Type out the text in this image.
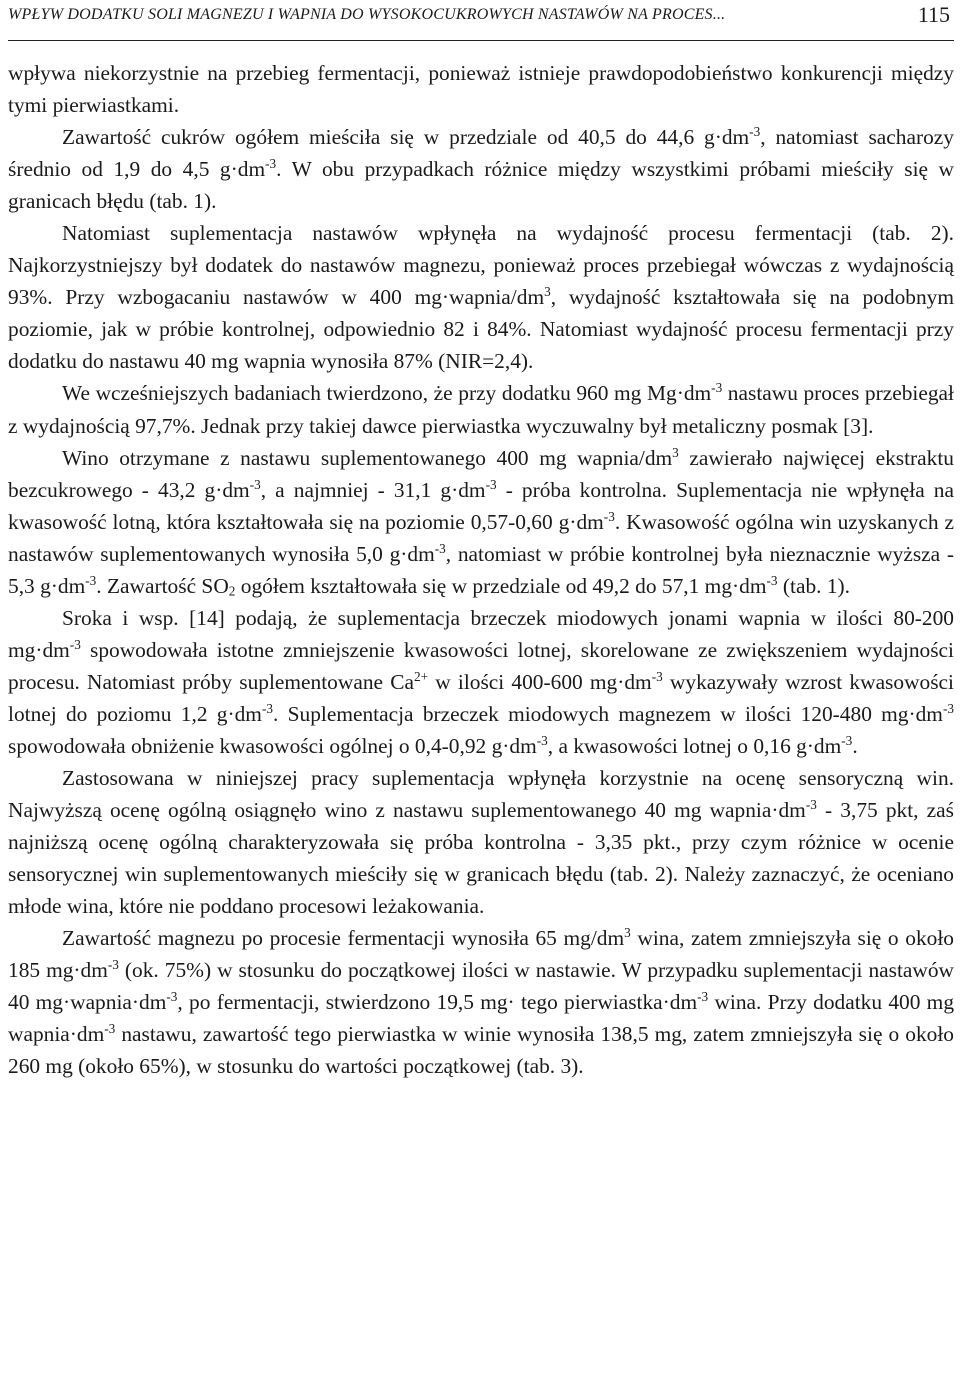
WPŁYW DODATKU SOLI MAGNEZU I WAPNIA DO WYSOKOCUKROWYCH NASTAWÓW NA PROCES...	115

wpływa niekorzystnie na przebieg fermentacji, ponieważ istnieje prawdopodobieństwo konkurencji między tymi pierwiastkami.

Zawartość cukrów ogółem mieściła się w przedziale od 40,5 do 44,6 $g\cdot dm^{-3}$, natomiast sacharozy średnio od 1,9 do 4,5 $g\cdot dm^{-3}$. W obu przypadkach różnice między wszystkimi próbami mieściły się w granicach błędu (tab. 1).

Natomiast suplementacja nastawów wpłynęła na wydajność procesu fermentacji (tab. 2). Najkorzystniejszy był dodatek do nastawów magnezu, ponieważ proces przebiegał wówczas z wydajnością 93%. Przy wzbogacaniu nastawów w 400 $mg\cdot wapnia/dm^3$, wydajność kształtowała się na podobnym poziomie, jak w próbie kontrolnej, odpowiednio 82 i 84%. Natomiast wydajność procesu fermentacji przy dodatku do nastawu 40 mg wapnia wynosiła 87% (NIR=2,4).

We wcześniejszych badaniach twierdzono, że przy dodatku 960 mg $Mg\cdot dm^{-3}$ nastawu proces przebiegał z wydajnością 97,7%. Jednak przy takiej dawce pierwiastka wyczuwalny był metaliczny posmak [3].

Wino otrzymane z nastawu suplementowanego 400 mg wapnia/$dm^3$ zawierało najwięcej ekstraktu bezcukrowego - 43,2 $g\cdot dm^{-3}$, a najmniej - 31,1 $g\cdot dm^{-3}$ - próba kontrolna. Suplementacja nie wpłynęła na kwasowość lotną, która kształtowała się na poziomie 0,57-0,60 $g\cdot dm^{-3}$. Kwasowość ogólna win uzyskanych z nastawów suplementowanych wynosiła 5,0 $g\cdot dm^{-3}$, natomiast w próbie kontrolnej była nieznacznie wyższa - 5,3 $g\cdot dm^{-3}$. Zawartość $SO_2$ ogółem kształtowała się w przedziale od 49,2 do 57,1 $mg\cdot dm^{-3}$ (tab. 1).

Sroka i wsp. [14] podają, że suplementacja brzeczek miodowych jonami wapnia w ilości 80-200 $mg\cdot dm^{-3}$ spowodowała istotne zmniejszenie kwasowości lotnej, skorelowane ze zwiększeniem wydajności procesu. Natomiast próby suplementowane $Ca^{2+}$ w ilości 400-600 $mg\cdot dm^{-3}$ wykazywały wzrost kwasowości lotnej do poziomu 1,2 $g\cdot dm^{-3}$. Suplementacja brzeczek miodowych magnezem w ilości 120-480 $mg\cdot dm^{-3}$ spowodowała obniżenie kwasowości ogólnej o 0,4-0,92 $g\cdot dm^{-3}$, a kwasowości lotnej o 0,16 $g\cdot dm^{-3}$.

Zastosowana w niniejszej pracy suplementacja wpłynęła korzystnie na ocenę sensoryczną win. Najwyższą ocenę ogólną osiągnęło wino z nastawu suplementowanego 40 mg $wapnia\cdot dm^{-3} - 3,75$ pkt, zaś najniższą ocenę ogólną charakteryzowała się próba kontrolna - 3,35 pkt., przy czym różnice w ocenie sensorycznej win suplementowanych mieściły się w granicach błędu (tab. 2). Należy zaznaczyć, że oceniano młode wina, które nie poddano procesowi leżakowania.

Zawartość magnezu po procesie fermentacji wynosiła 65 $mg/dm^3$ wina, zatem zmniejszyła się o około 185 $mg\cdot dm^{-3}$ (ok. 75%) w stosunku do początkowej ilości w nastawie. W przypadku suplementacji nastawów 40 $mg\cdot wapnia\cdot dm^{-3}$, po fermentacji, stwierdzono 19,5 mg· tego $pierwiastka\cdot dm^{-3}$ wina. Przy dodatku 400 mg $wapnia\cdot dm^{-3}$ nastawu, zawartość tego pierwiastka w winie wynosiła 138,5 mg, zatem zmniejszyła się o około 260 mg (około 65%), w stosunku do wartości początkowej (tab. 3).
